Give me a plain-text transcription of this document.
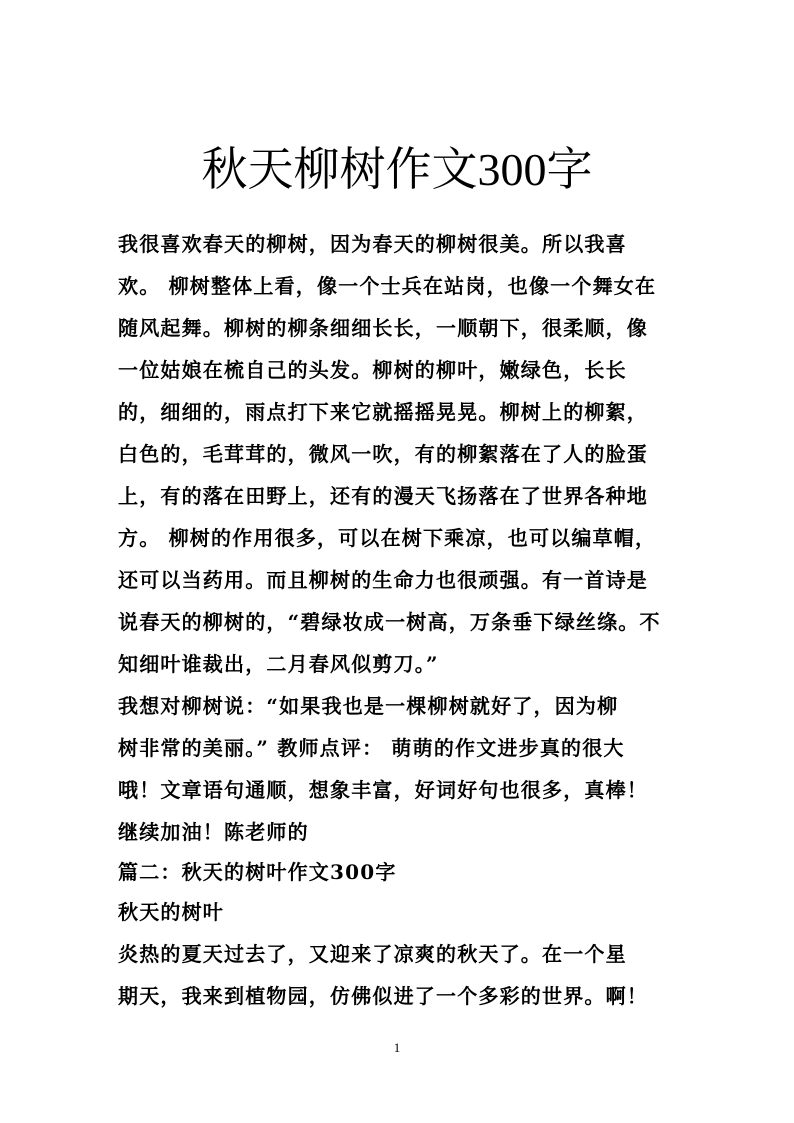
秋天柳树作文300字
我很喜欢春天的柳树，因为春天的柳树很美。所以我喜
欢。 柳树整体上看，像一个士兵在站岗，也像一个舞女在
随风起舞。柳树的柳条细细长长，一顺朝下，很柔顺，像
一位姑娘在梳自己的头发。柳树的柳叶，嫩绿色，长长
的，细细的，雨点打下来它就摇摇晃晃。柳树上的柳絮，
白色的，毛茸茸的，微风一吹，有的柳絮落在了人的脸蛋
上，有的落在田野上，还有的漫天飞扬落在了世界各种地
方。 柳树的作用很多，可以在树下乘凉，也可以编草帽，
还可以当药用。而且柳树的生命力也很顽强。有一首诗是
说春天的柳树的，“碧绿妆成一树高，万条垂下绿丝绦。不
知细叶谁裁出，二月春风似剪刀。”
我想对柳树说：“如果我也是一棵柳树就好了，因为柳
树非常的美丽。” 教师点评： 萌萌的作文进步真的很大
哦！文章语句通顺，想象丰富，好词好句也很多，真棒！
继续加油！陈老师的
篇二：秋天的树叶作文300字
秋天的树叶
炎热的夏天过去了，又迎来了凉爽的秋天了。在一个星
期天，我来到植物园，仿佛似进了一个多彩的世界。啊！
1
